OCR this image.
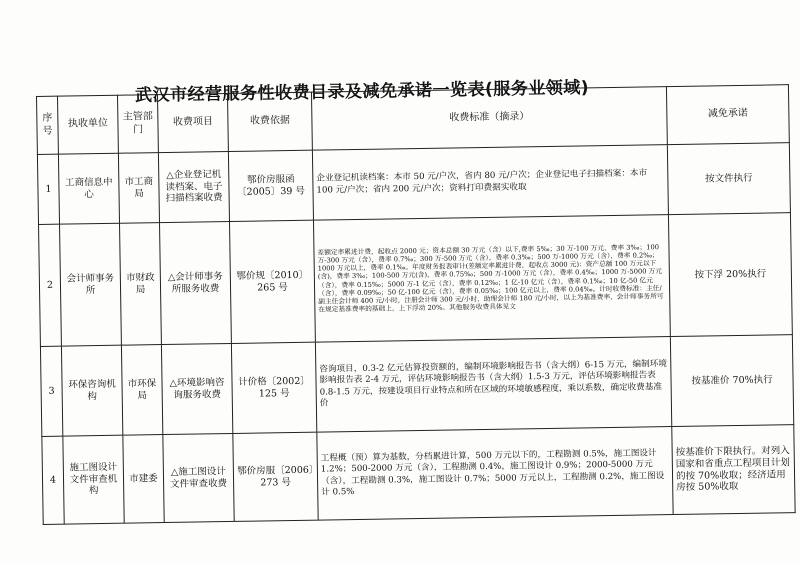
武汉市经营服务性收费目录及减免承诺一览表(服务业领域)
序号	执收单位	主管部门	收费项目	收费依据	收费标准（摘录）	减免承诺
1	工商信息中心	市工商局	△企业登记机读档案、电子扫描档案收费	鄂价房服函〔2005〕39 号	企业登记机读档案：本市 50 元/户次，省内 80 元/户次；企业登记电子扫描档案：本市 100 元/户次；省内 200 元/户次；资料打印费据实收取	按文件执行
2	会计师事务所	市财政局	△会计师事务所服务收费	鄂价规〔2010〕265 号	差额定率累进计费，起收点 2000 元；资本总额 30 万元（含）以下,费率 5‰；30 万-100 万元，费率 3‰；100 万-300 万元（含），费率 0.7‰；300 万-500 万元（含），费率 0.3‰；500 万-1000 万元（含），费率 0.2‰；1000 万元以上，费率 0.1‰。年度财务报表审计(差额定率累进计费，起收点 3000 元)：资产总额 100 万元以下(含)，费率 3‰；100-500 万元(含)，费率 0.75‰；500 万-1000 万元（含），费率 0.4‰；1000 万-5000 万元（含），费率 0.15‰；5000 万-1 亿元（含），费率 0.12‰；1 亿-10 亿元（含），费率 0.1‰；10 亿-50 亿元（含），费率 0.09‰；50 亿-100 亿元（含），费率 0.05‰；100 亿元以上，费率 0.04‰。计时收费标准：主任/副主任会计师 400 元/小时，注册会计师 300 元/小时，助理会计师 180 元/小时，以上为基准费率，会计师事务所可在规定基准费率的基础上，上下浮动 20%。其他服务收费具体见文	按下浮 20%执行
3	环保咨询机构	市环保局	△环境影响咨询服务收费	计价格〔2002〕125 号	咨询项目，0.3-2 亿元估算投资额的，编制环境影响报告书（含大纲）6-15 万元，编制环境影响报告表 2-4 万元，评估环境影响报告书（含大纲）1.5-3 万元，评估环境影响报告表 0.8-1.5 万元，按建设项目行业特点和所在区域的环境敏感程度，乘以系数，确定收费基准价	按基准价 70%执行
4	施工图设计文件审查机构	市建委	△施工图设计文件审查收费	鄂价房服〔2006〕273 号	工程概（预）算为基数，分档累进计算，500 万元以下的，工程勘测 0.5%，施工图设计 1.2%；500-2000 万元（含），工程勘测 0.4%，施工图设计 0.9%；2000-5000 万元（含），工程勘测 0.3%，施工图设计 0.7%；5000 万元以上，工程勘测 0.2%，施工图设计 0.5%	按基准价下限执行。对列入国家和省重点工程项目计划的按 70%收取；经济适用房按 50%收取
